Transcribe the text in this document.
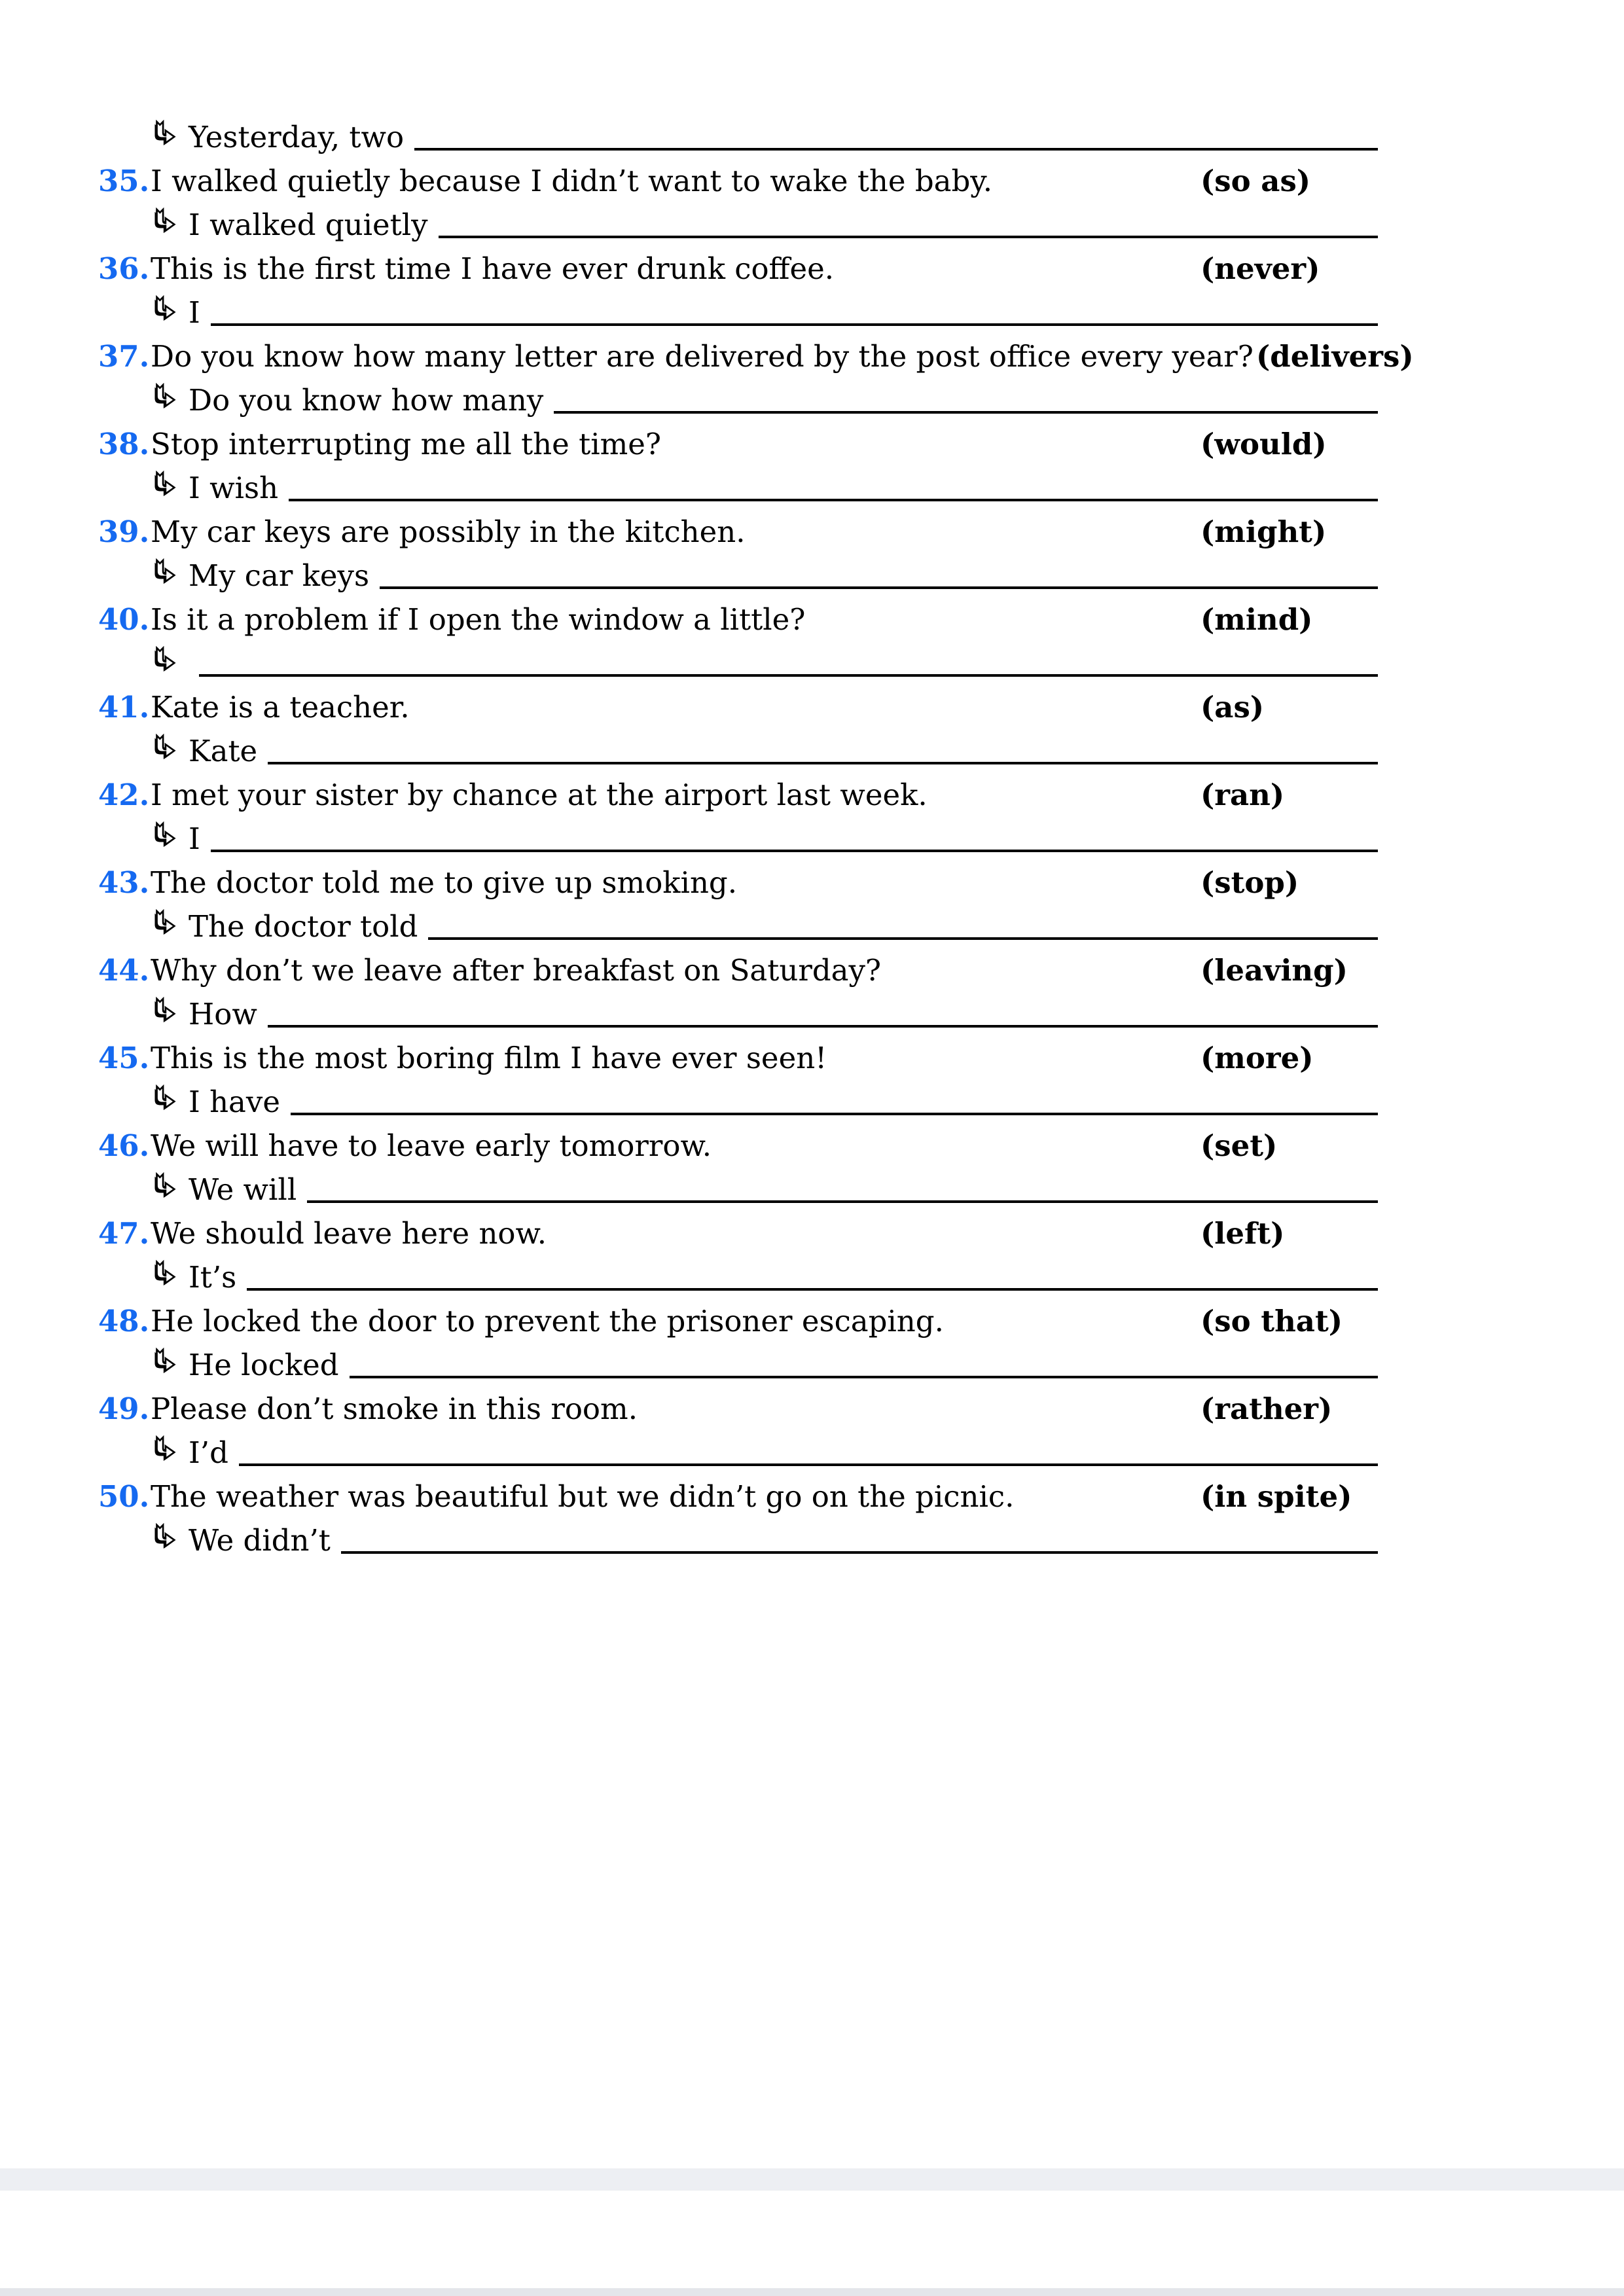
Yesterday, two
35. I walked quietly because I didn’t want to wake the baby.	(so as)
I walked quietly
36. This is the first time I have ever drunk coffee.	(never)
I
37. Do you know how many letter are delivered by the post office every year? (delivers)
Do you know how many
38. Stop interrupting me all the time?	(would)
I wish
39. My car keys are possibly in the kitchen.	(might)
My car keys
40. Is it a problem if I open the window a little?	(mind)
41. Kate is a teacher.	(as)
Kate
42. I met your sister by chance at the airport last week.	(ran)
I
43. The doctor told me to give up smoking.	(stop)
The doctor told
44. Why don’t we leave after breakfast on Saturday?	(leaving)
How
45. This is the most boring film I have ever seen!	(more)
I have
46. We will have to leave early tomorrow.	(set)
We will
47. We should leave here now.	(left)
It’s
48. He locked the door to prevent the prisoner escaping.	(so that)
He locked
49. Please don’t smoke in this room.	(rather)
I’d
50. The weather was beautiful but we didn’t go on the picnic.	(in spite)
We didn’t
